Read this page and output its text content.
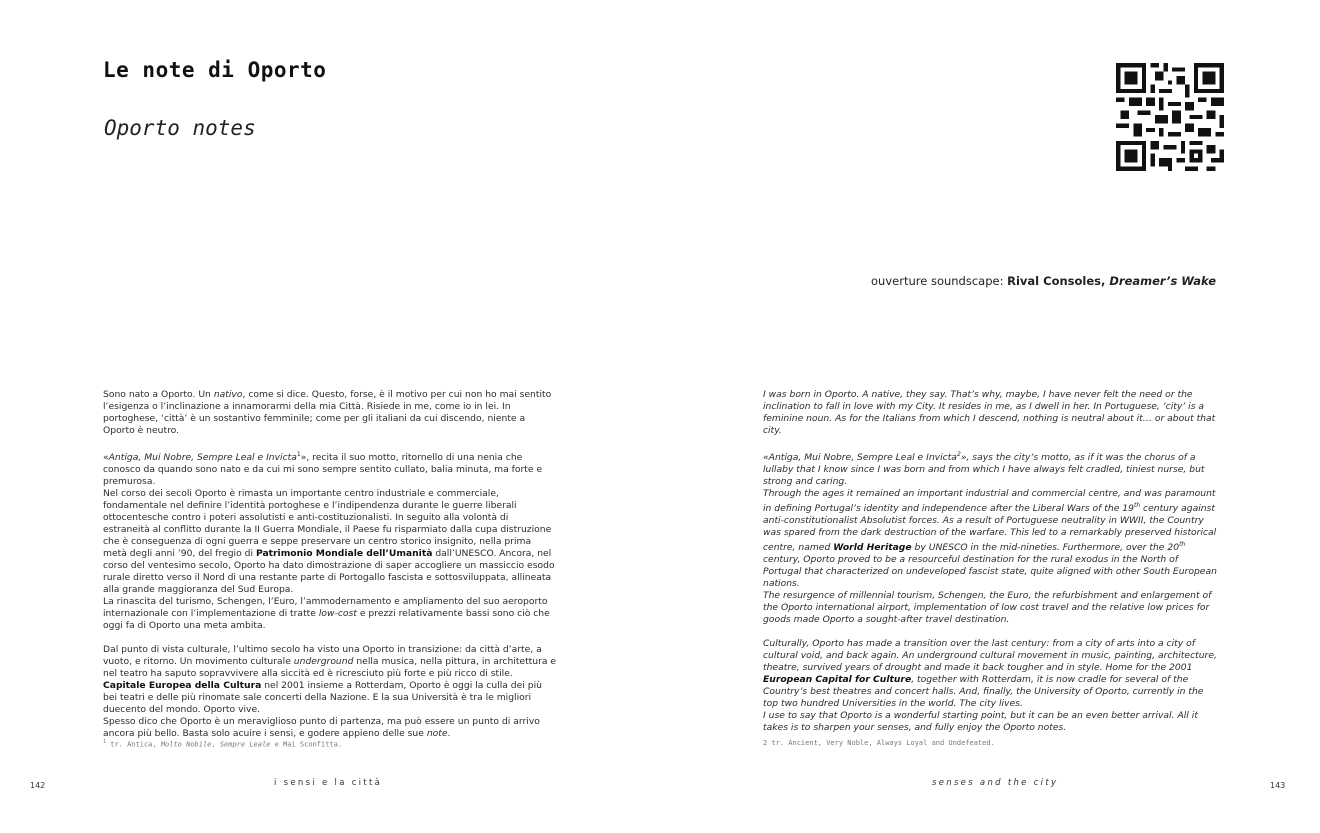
Le note di Oporto
Oporto notes
ouverture soundscape: Rival Consoles, Dreamer’s Wake

Sono nato a Oporto. Un nativo, come si dice. Questo, forse, è il motivo per cui non ho mai sentito l’esigenza o l’inclinazione a innamorarmi della mia Città. Risiede in me, come io in lei. In portoghese, ‘città’ è un sostantivo femminile; come per gli italiani da cui discendo, niente a Oporto è neutro.

«Antiga, Mui Nobre, Sempre Leal e Invicta$^1$», recita il suo motto, ritornello di una nenia che conosco da quando sono nato e da cui mi sono sempre sentito cullato, balia minuta, ma forte e premurosa.

Nel corso dei secoli Oporto è rimasta un importante centro industriale e commerciale, fondamentale nel definire l’identità portoghese e l’indipendenza durante le guerre liberali ottocentesche contro i poteri assolutisti e anti-costituzionalisti. In seguito alla volontà di estraneità al conflitto durante la II Guerra Mondiale, il Paese fu risparmiato dalla cupa distruzione che è conseguenza di ogni guerra e seppe preservare un centro storico insignito, nella prima metà degli anni ’90, del fregio di Patrimonio Mondiale dell’Umanità dall’UNESCO. Ancora, nel corso del ventesimo secolo, Oporto ha dato dimostrazione di saper accogliere un massiccio esodo rurale diretto verso il Nord di una restante parte di Portogallo fascista e sottosviluppata, allineata alla grande maggioranza del Sud Europa.

La rinascita del turismo, Schengen, l’Euro, l’ammodernamento e ampliamento del suo aeroporto internazionale con l’implementazione di tratte low-cost e prezzi relativamente bassi sono ciò che oggi fa di Oporto una meta ambita.

Dal punto di vista culturale, l’ultimo secolo ha visto una Oporto in transizione: da città d’arte, a vuoto, e ritorno. Un movimento culturale underground nella musica, nella pittura, in architettura e nel teatro ha saputo sopravvivere alla siccità ed è ricresciuto più forte e più ricco di stile. Capitale Europea della Cultura nel 2001 insieme a Rotterdam, Oporto è oggi la culla dei più bei teatri e delle più rinomate sale concerti della Nazione. E la sua Università è tra le migliori duecento del mondo. Oporto vive.

Spesso dico che Oporto è un meraviglioso punto di partenza, ma può essere un punto di arrivo ancora più bello. Basta solo acuire i sensi, e godere appieno delle sue note.

I was born in Oporto. A native, they say. That’s why, maybe, I have never felt the need or the inclination to fall in love with my City. It resides in me, as I dwell in her. In Portuguese, ‘city’ is a feminine noun. As for the Italians from which I descend, nothing is neutral about it… or about that city.

«Antiga, Mui Nobre, Sempre Leal e Invicta$^2$», says the city’s motto, as if it was the chorus of a lullaby that I know since I was born and from which I have always felt cradled, tiniest nurse, but strong and caring.

Through the ages it remained an important industrial and commercial centre, and was paramount in defining Portugal’s identity and independence after the Liberal Wars of the 19th century against anti-constitutionalist Absolutist forces. As a result of Portuguese neutrality in WWII, the Country was spared from the dark destruction of the warfare. This led to a remarkably preserved historical centre, named World Heritage by UNESCO in the mid-nineties. Furthermore, over the 20th century, Oporto proved to be a resourceful destination for the rural exodus in the North of Portugal that characterized on undeveloped fascist state, quite aligned with other South European nations.

The resurgence of millennial tourism, Schengen, the Euro, the refurbishment and enlargement of the Oporto international airport, implementation of low cost travel and the relative low prices for goods made Oporto a sought-after travel destination.

Culturally, Oporto has made a transition over the last century: from a city of arts into a city of cultural void, and back again. An underground cultural movement in music, painting, architecture, theatre, survived years of drought and made it back tougher and in style. Home for the 2001 European Capital for Culture, together with Rotterdam, it is now cradle for several of the Country’s best theatres and concert halls. And, finally, the University of Oporto, currently in the top two hundred Universities in the world. The city lives.

I use to say that Oporto is a wonderful starting point, but it can be an even better arrival. All it takes is to sharpen your senses, and fully enjoy the Oporto notes.

$^1$ tr. Antica, Molto Nobile, Sempre Leale e Mai Sconfitta.	2 tr. Ancient, Very Noble, Always Loyal and Undefeated.
142	i sensi e la città	senses and the city	143
